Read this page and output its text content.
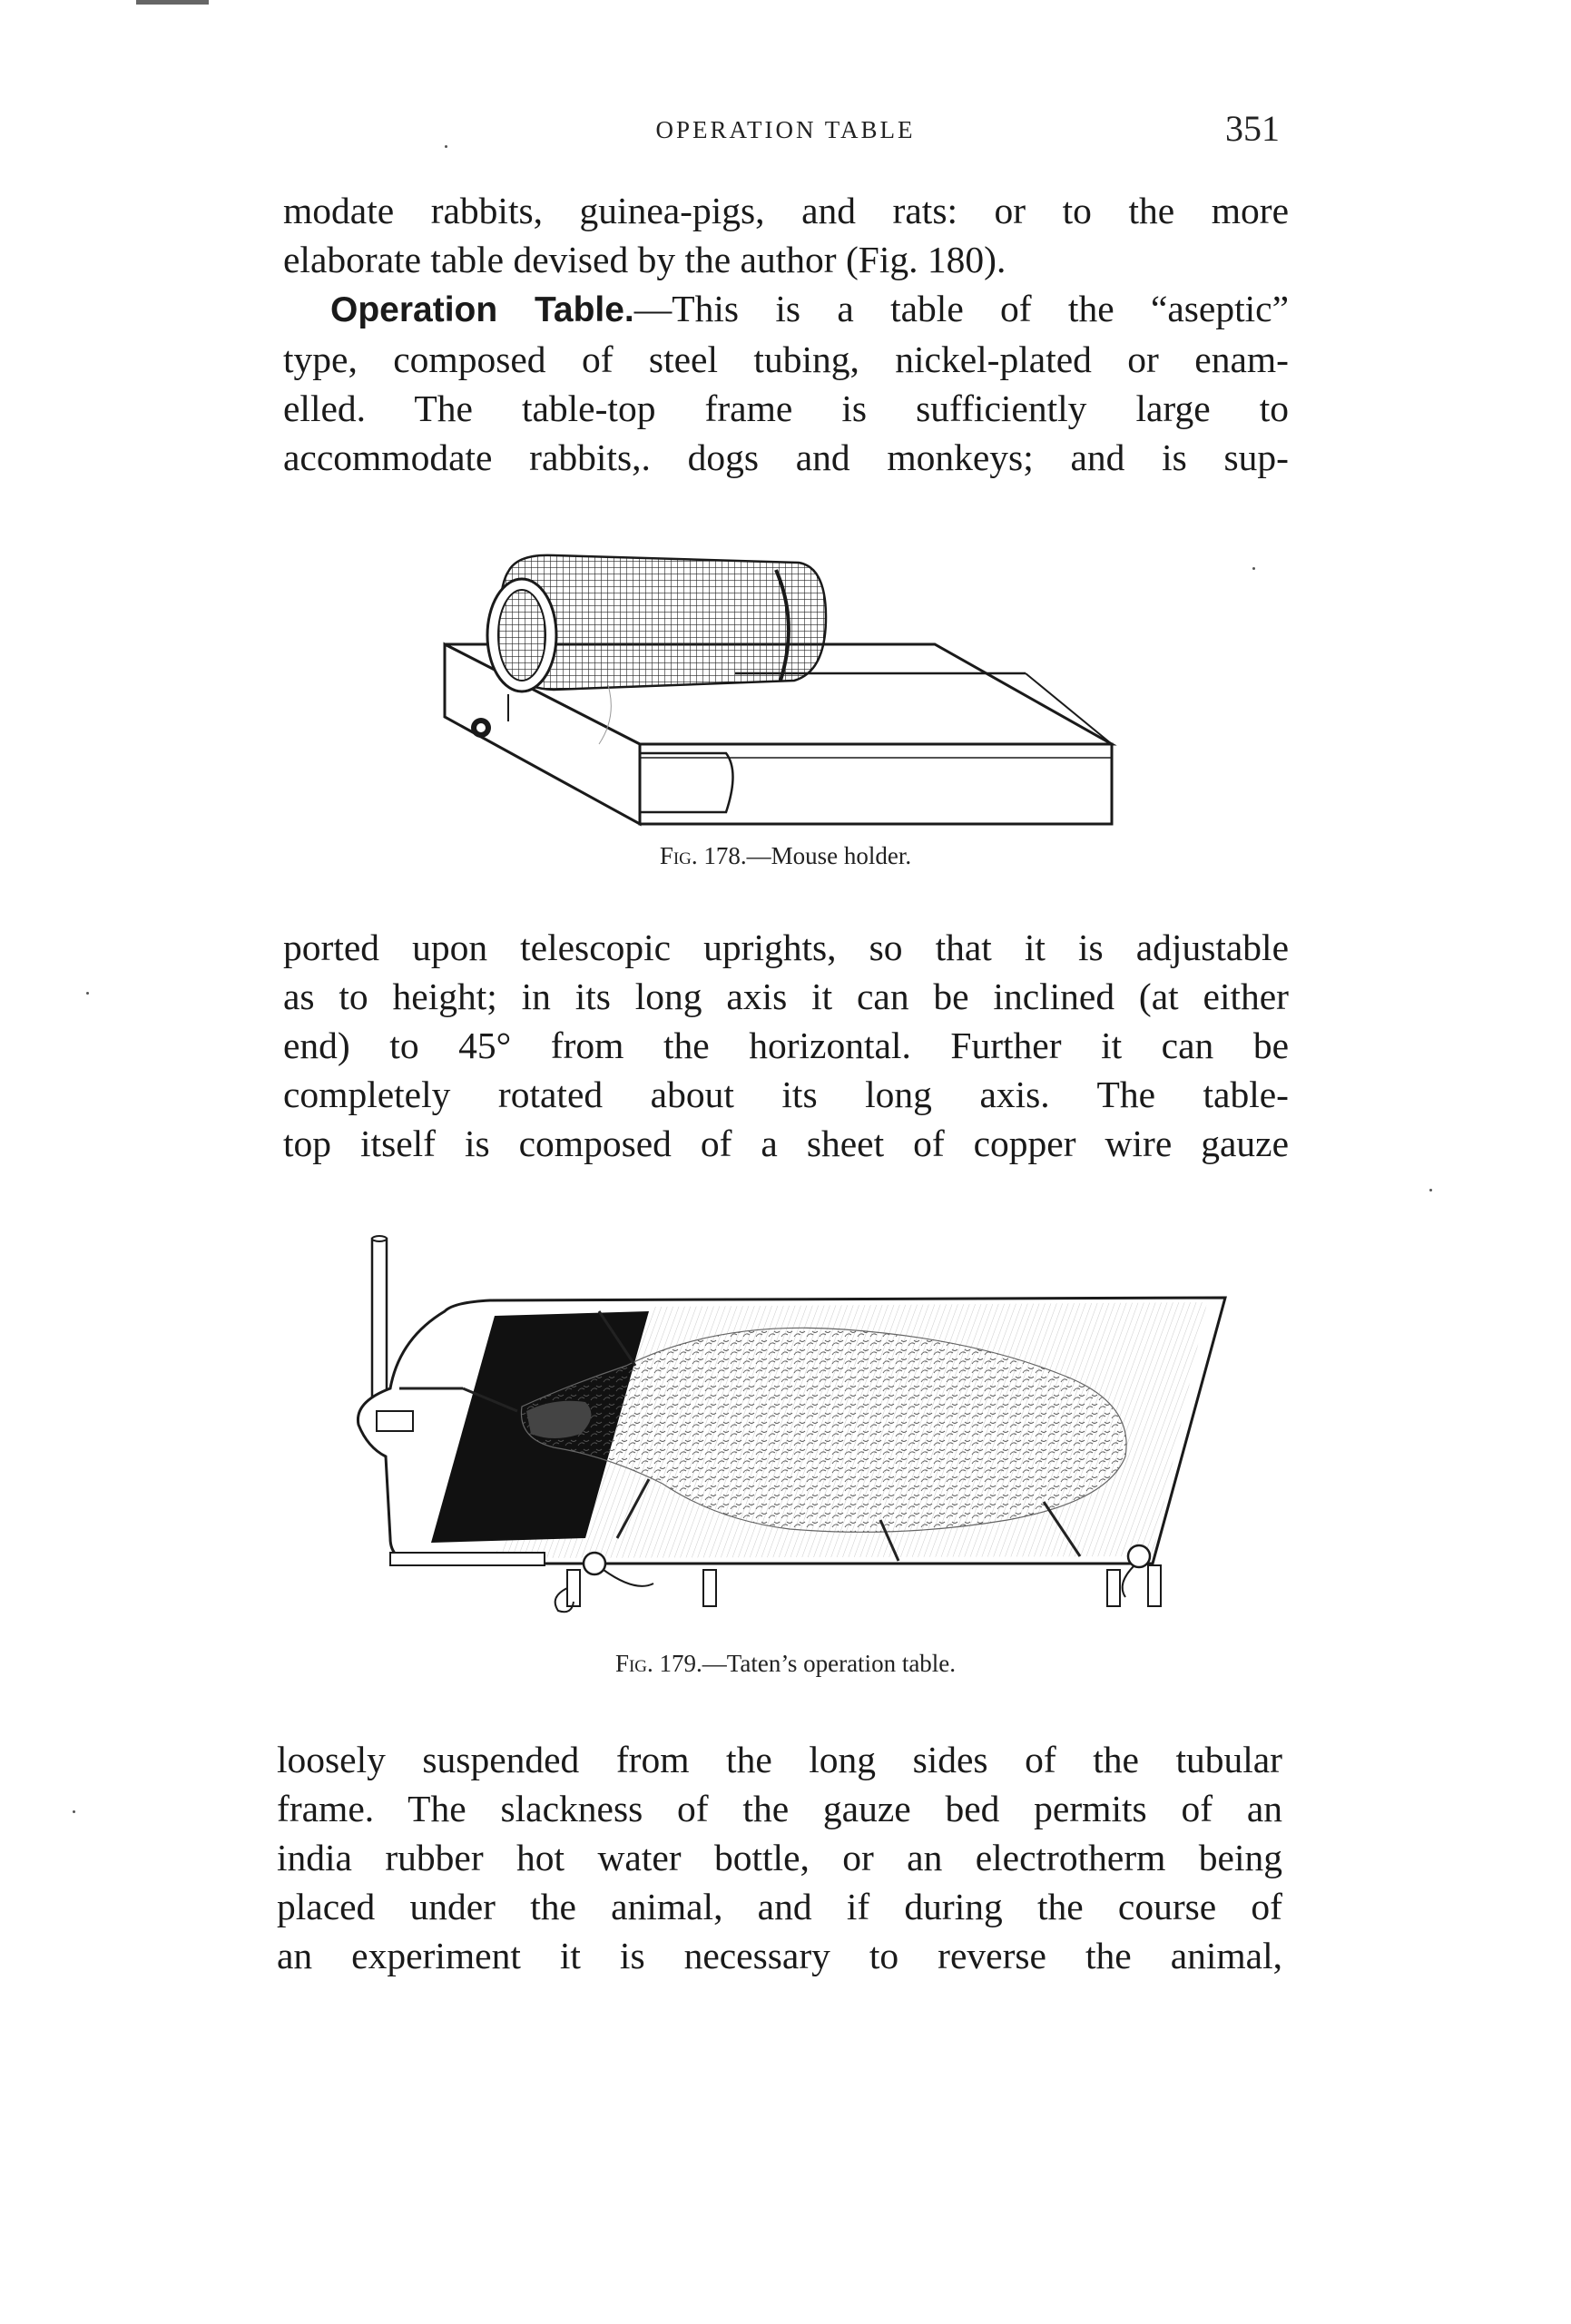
OPERATION TABLE	351
modate rabbits, guinea-pigs, and rats: or to the more
elaborate table devised by the author (Fig. 180).
Operation Table.—This is a table of the “aseptic”
type, composed of steel tubing, nickel-plated or enam-
elled. The table-top frame is sufficiently large to
accommodate rabbits,. dogs and monkeys; and is sup-
Fig. 178.—Mouse holder.
ported upon telescopic uprights, so that it is adjustable
as to height; in its long axis it can be inclined (at either
end) to 45° from the horizontal. Further it can be
completely rotated about its long axis. The table-
top itself is composed of a sheet of copper wire gauze
Fig. 179.—Taten’s operation table.
loosely suspended from the long sides of the tubular
frame. The slackness of the gauze bed permits of an
india rubber hot water bottle, or an electrotherm being
placed under the animal, and if during the course of
an experiment it is necessary to reverse the animal,
